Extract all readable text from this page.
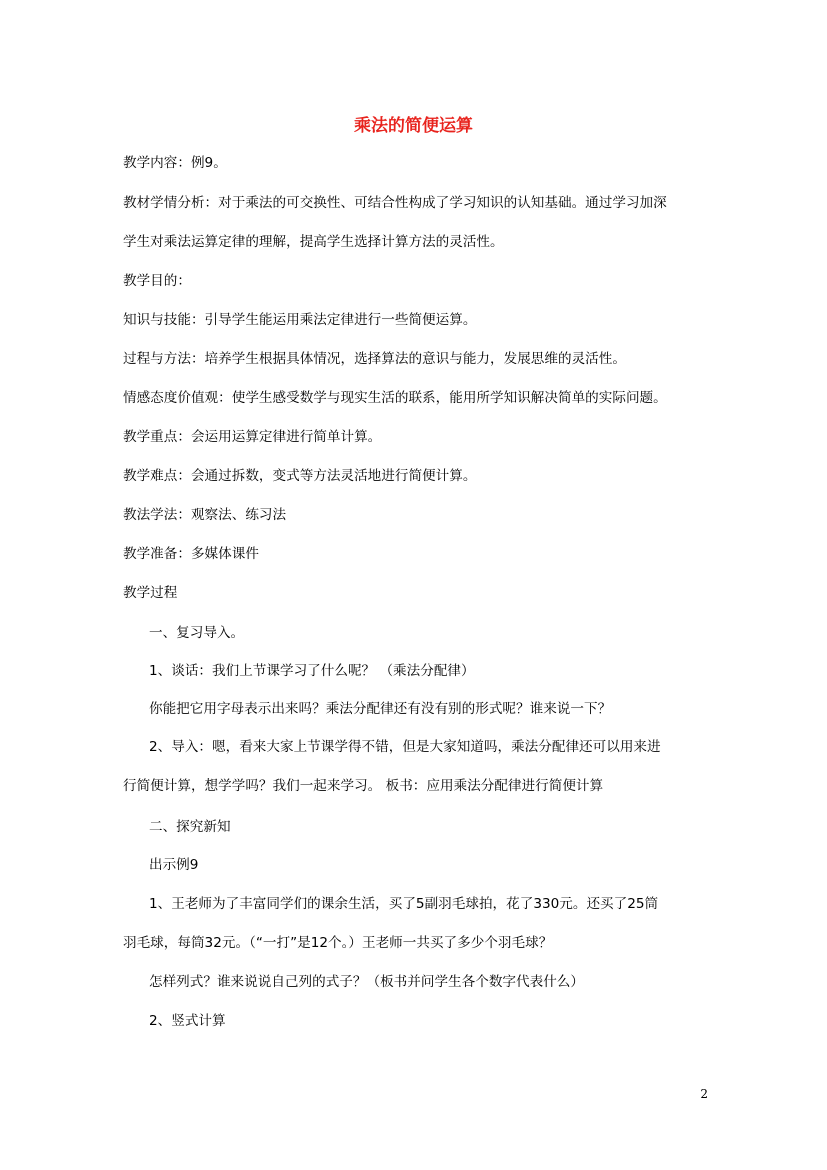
乘法的简便运算
教学内容：例9。
教材学情分析：对于乘法的可交换性、可结合性构成了学习知识的认知基础。通过学习加深
学生对乘法运算定律的理解，提高学生选择计算方法的灵活性。
教学目的：
知识与技能：引导学生能运用乘法定律进行一些简便运算。
过程与方法：培养学生根据具体情况，选择算法的意识与能力，发展思维的灵活性。
情感态度价值观：使学生感受数学与现实生活的联系，能用所学知识解决简单的实际问题。
教学重点：会运用运算定律进行简单计算。
教学难点：会通过拆数，变式等方法灵活地进行简便计算。
教法学法：观察法、练习法
教学准备：多媒体课件
教学过程
一、复习导入。
1、谈话：我们上节课学习了什么呢？ （乘法分配律）
你能把它用字母表示出来吗？乘法分配律还有没有别的形式呢？谁来说一下？
2、导入：嗯，看来大家上节课学得不错，但是大家知道吗，乘法分配律还可以用来进
行简便计算，想学学吗？我们一起来学习。 板书：应用乘法分配律进行简便计算
二、探究新知
出示例9
1、王老师为了丰富同学们的课余生活，买了5副羽毛球拍，花了330元。还买了25筒
羽毛球，每筒32元。（“一打”是12个。）王老师一共买了多少个羽毛球？
怎样列式？谁来说说自己列的式子？（板书并问学生各个数字代表什么）
2、竖式计算
2
